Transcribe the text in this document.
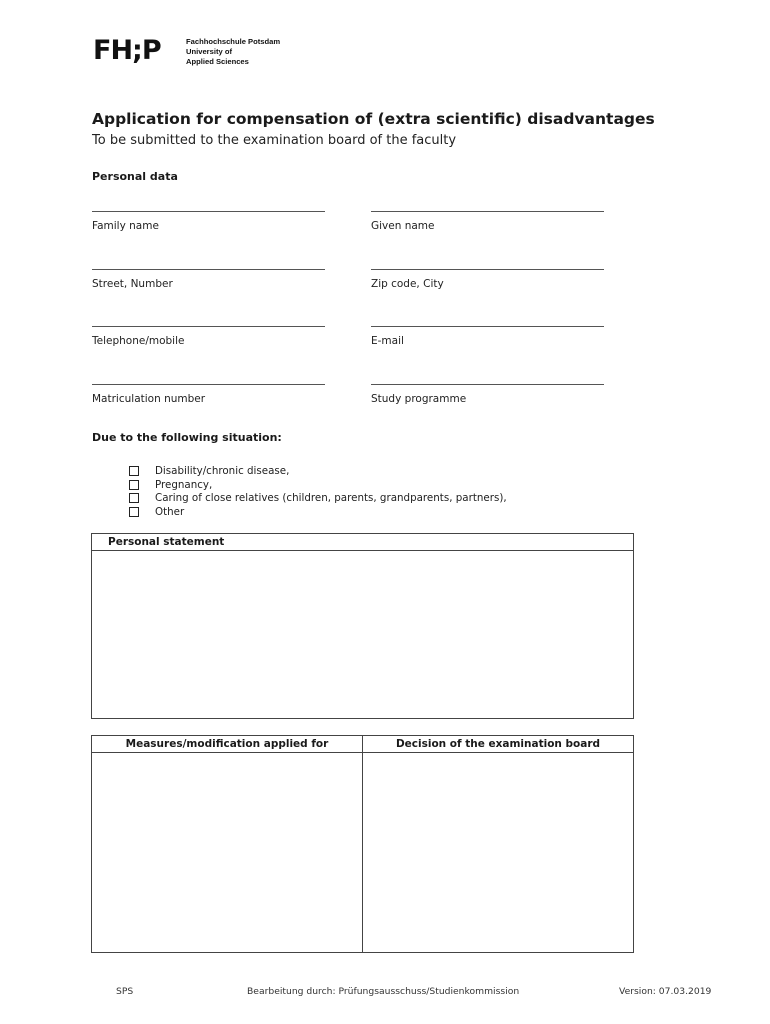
FH;P	Fachhochschule Potsdam
University of
Applied Sciences
Application for compensation of (extra scientific) disadvantages
To be submitted to the examination board of the faculty
Personal data
Family name	Given name
Street, Number	Zip code, City
Telephone/mobile	E-mail
Matriculation number	Study programme
Due to the following situation:
Disability/chronic disease,
Pregnancy,
Caring of close relatives (children, parents, grandparents, partners),
Other
Personal statement
Measures/modification applied for	Decision of the examination board
SPS	Bearbeitung durch: Prüfungsausschuss/Studienkommission	Version: 07.03.2019
